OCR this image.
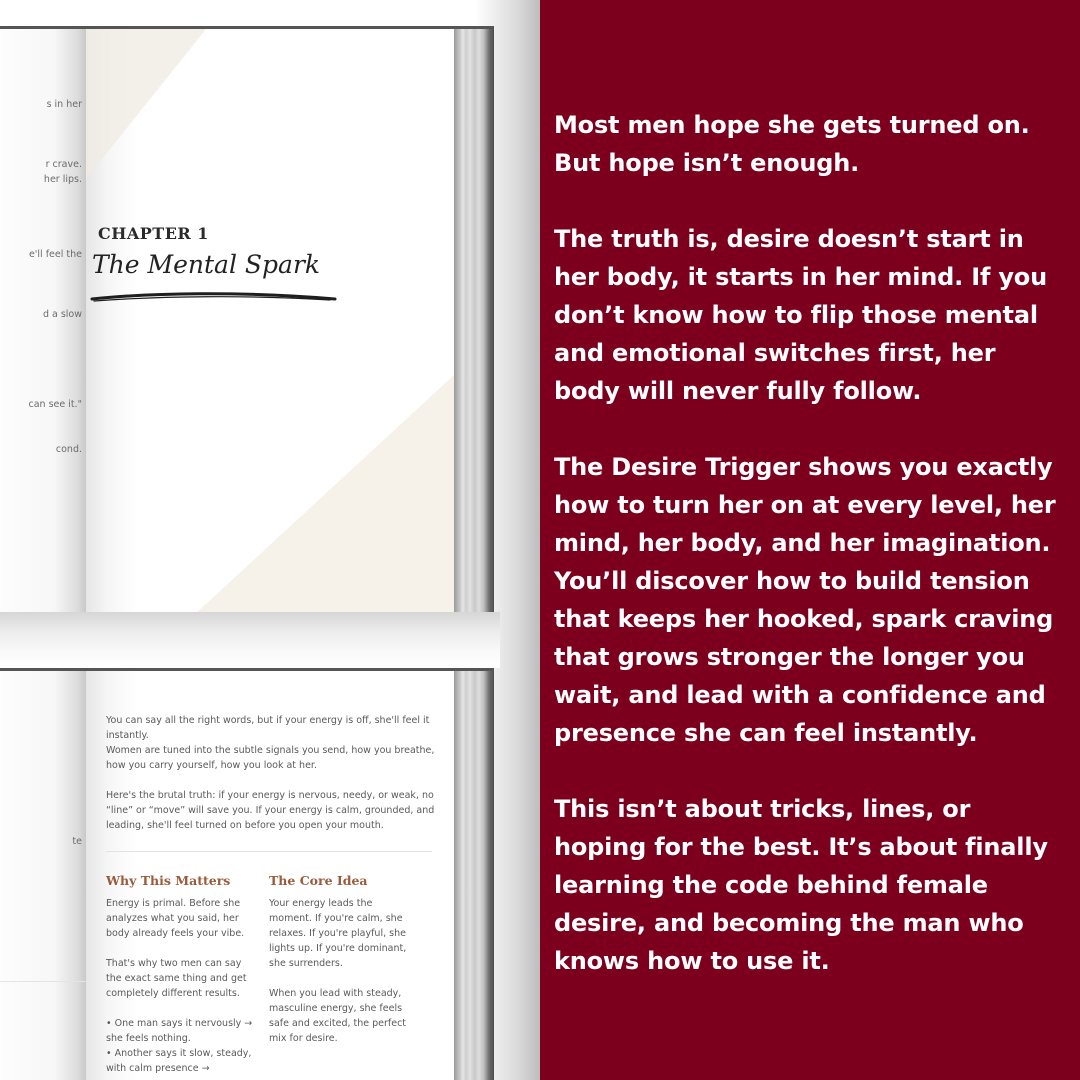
s in her
r crave.
her lips.
e'll feel the
d a slow
can see it."
cond.
CHAPTER 1
The Mental Spark
te
You can say all the right words, but if your energy is off, she'll feel it instantly.
Women are tuned into the subtle signals you send, how you breathe, how you carry yourself, how you look at her.
Here's the brutal truth: if your energy is nervous, needy, or weak, no “line” or “move” will save you. If your energy is calm, grounded, and leading, she'll feel turned on before you open your mouth.
Why This Matters

Energy is primal. Before she analyzes what you said, her body already feels your vibe.

That's why two men can say the exact same thing and get completely different results.

• One man says it nervously → she feels nothing.

• Another says it slow, steady, with calm presence →

The Core Idea

Your energy leads the moment. If you're calm, she relaxes. If you're playful, she lights up. If you're dominant, she surrenders.

When you lead with steady, masculine energy, she feels safe and excited, the perfect mix for desire.

Most men hope she gets turned on. But hope isn’t enough.

The truth is, desire doesn’t start in her body, it starts in her mind. If you don’t know how to flip those mental and emotional switches first, her body will never fully follow.

The Desire Trigger shows you exactly how to turn her on at every level, her mind, her body, and her imagination. You’ll discover how to build tension that keeps her hooked, spark craving that grows stronger the longer you wait, and lead with a confidence and presence she can feel instantly.

This isn’t about tricks, lines, or hoping for the best. It’s about finally learning the code behind female desire, and becoming the man who knows how to use it.
